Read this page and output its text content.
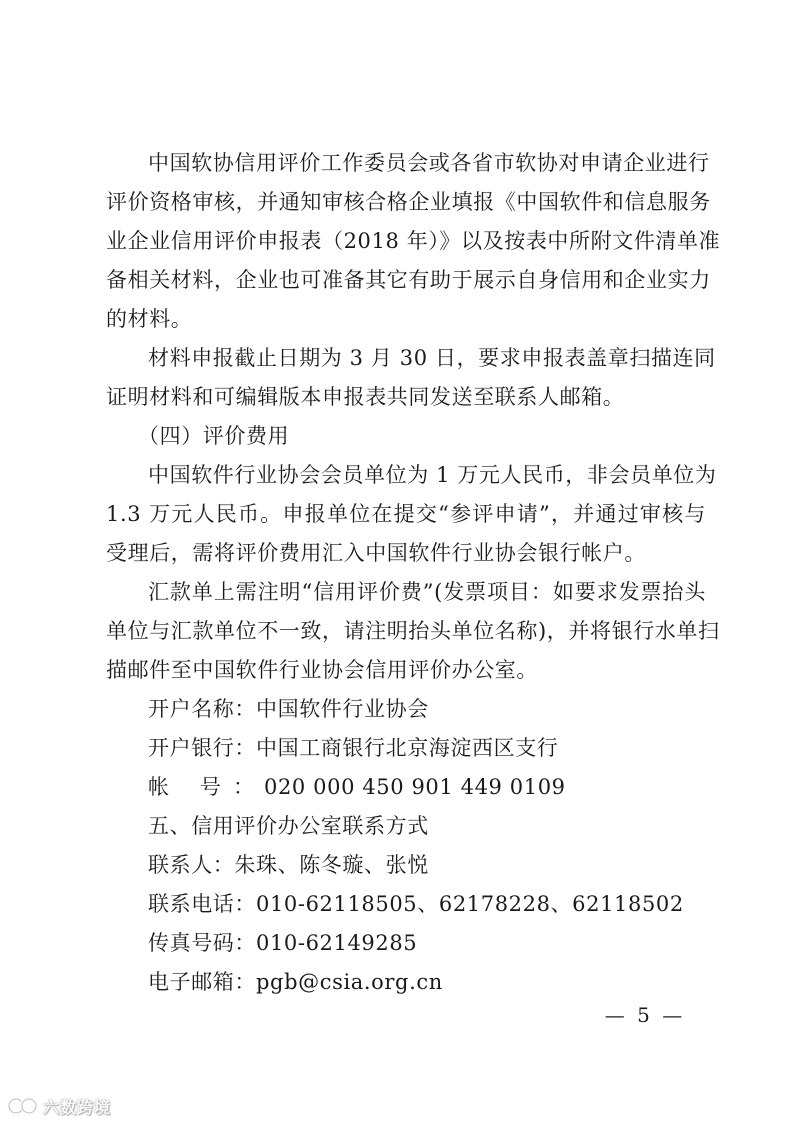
中国软协信用评价工作委员会或各省市软协对申请企业进行
评价资格审核，并通知审核合格企业填报《中国软件和信息服务
业企业信用评价申报表（2018 年）》以及按表中所附文件清单准
备相关材料，企业也可准备其它有助于展示自身信用和企业实力
的材料。
材料申报截止日期为 3 月 30 日，要求申报表盖章扫描连同
证明材料和可编辑版本申报表共同发送至联系人邮箱。
（四）评价费用
中国软件行业协会会员单位为 1 万元人民币，非会员单位为
1.3 万元人民币。申报单位在提交“参评申请”，并通过审核与
受理后，需将评价费用汇入中国软件行业协会银行帐户。
汇款单上需注明“信用评价费”(发票项目：如要求发票抬头
单位与汇款单位不一致，请注明抬头单位名称)，并将银行水单扫
描邮件至中国软件行业协会信用评价办公室。
开户名称：中国软件行业协会
开户银行：中国工商银行北京海淀西区支行
帐 号： 020 000 450 901 449 0109
五、信用评价办公室联系方式
联系人：朱珠、陈冬璇、张悦
联系电话：010-62118505、62178228、62118502
传真号码：010-62149285
电子邮箱：pgb@csia.org.cn
— 5 —
六数跨境
